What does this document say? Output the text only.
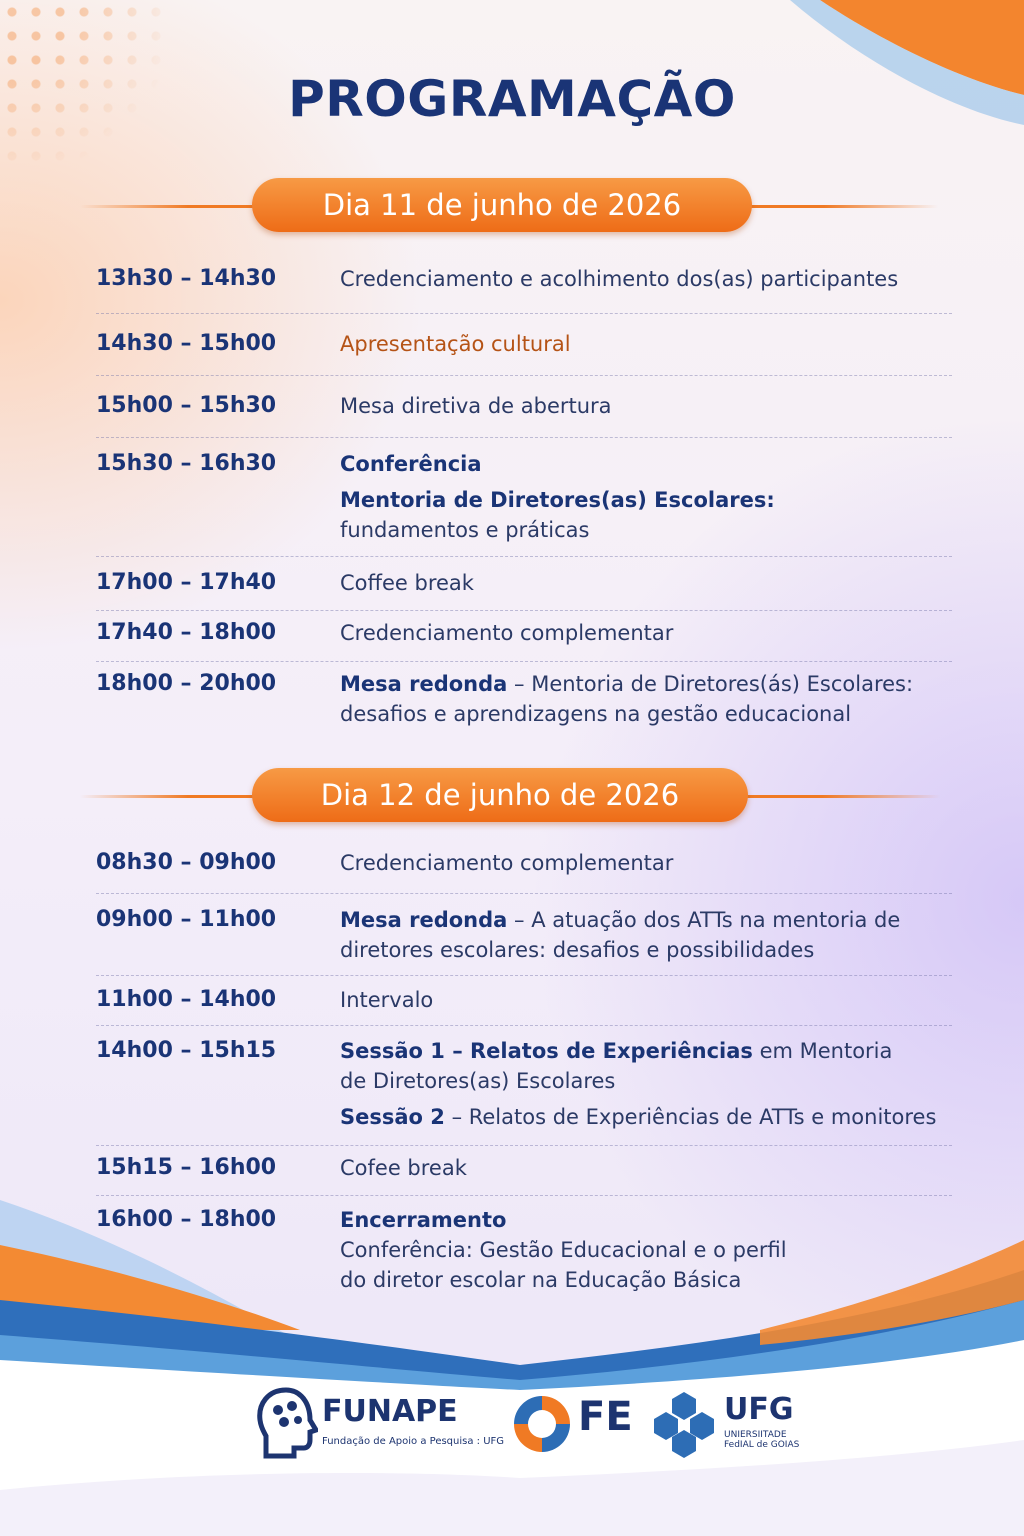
PROGRAMAÇÃO
Dia 11 de junho de 2026
13h30 – 14h30	Credenciamento e acolhimento dos(as) participantes
14h30 – 15h00	Apresentação cultural
15h00 – 15h30	Mesa diretiva de abertura
15h30 – 16h30	Conferência
Mentoria de Diretores(as) Escolares:
fundamentos e práticas
17h00 – 17h40	Coffee break
17h40 – 18h00	Credenciamento complementar
18h00 – 20h00	Mesa redonda – Mentoria de Diretores(ás) Escolares:
desafios e aprendizagens na gestão educacional
Dia 12 de junho de 2026
08h30 – 09h00	Credenciamento complementar
09h00 – 11h00	Mesa redonda – A atuação dos ATTs na mentoria de
diretores escolares: desafios e possibilidades
11h00 – 14h00	Intervalo
14h00 – 15h15	Sessão 1 – Relatos de Experiências em Mentoria
de Diretores(as) Escolares
Sessão 2 – Relatos de Experiências de ATTs e monitores
15h15 – 16h00	Cofee break
16h00 – 18h00	Encerramento
Conferência: Gestão Educacional e o perfil
do diretor escolar na Educação Básica
FUNAPE
Fundação de Apoio a Pesquisa : UFG
FE	UFG
UNIERSIITADE
FedIAL de GOIAS
